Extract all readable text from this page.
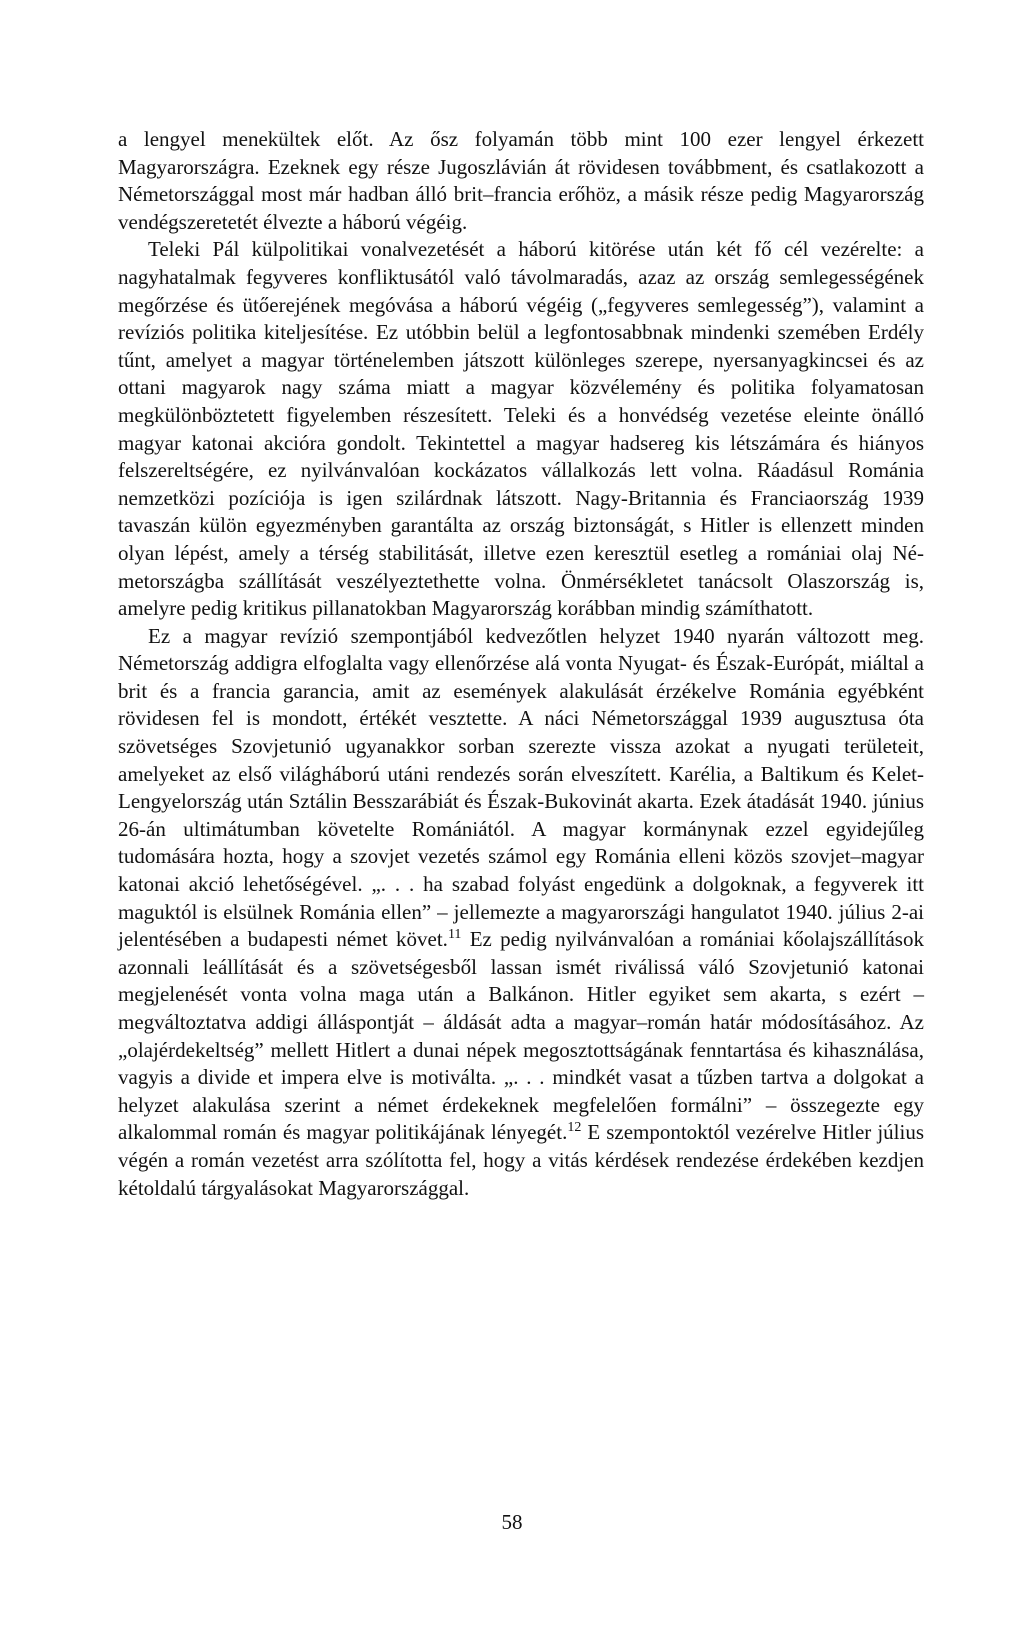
a lengyel menekültek előt. Az ősz folyamán több mint 100 ezer lengyel érkezett Magyarországra. Ezeknek egy része Jugoszlávián át rövidesen továbbment, és csatlakozott a Németországgal most már hadban álló brit–francia erőhöz, a másik része pedig Magyarország vendégszeretetét élvezte a háború végéig.

Teleki Pál külpolitikai vonalvezetését a háború kitörése után két fő cél vezérelte: a nagyhatalmak fegyveres konfliktusától való távolmaradás, azaz az ország semlegességének megőrzése és ütőerejének megóvása a háború végéig („fegyveres semlegesség”), valamint a revíziós politika kiteljesítése. Ez utóbbin belül a legfontosabbnak mindenki szemében Erdély tűnt, amelyet a magyar történelemben játszott különleges szerepe, nyersanyagkincsei és az ottani magyarok nagy száma miatt a magyar közvélemény és politika folyamatosan megkülönböztetett figyelemben részesített. Teleki és a honvédség vezetése eleinte önálló magyar katonai akcióra gondolt. Tekintettel a magyar hadsereg kis létszámára és hiányos felszereltségére, ez nyilvánvalóan kockázatos vállalkozás lett volna. Ráadásul Románia nemzetközi pozíciója is igen szilárdnak látszott. Nagy-Britannia és Franciaország 1939 tavaszán külön egyezményben garantálta az ország biztonságát, s Hitler is ellenzett minden olyan lépést, amely a térség stabilitását, illetve ezen keresztül esetleg a romániai olaj Németországba szállítását veszélyeztethette volna. Önmérsékletet tanácsolt Olaszország is, amelyre pedig kritikus pillanatokban Magyarország korábban mindig számíthatott.

Ez a magyar revízió szempontjából kedvezőtlen helyzet 1940 nyarán változott meg. Németország addigra elfoglalta vagy ellenőrzése alá vonta Nyugat- és Észak-Európát, miáltal a brit és a francia garancia, amit az események alakulását érzékelve Románia egyébként rövidesen fel is mondott, értékét vesztette. A náci Németországgal 1939 augusztusa óta szövetséges Szovjetunió ugyanakkor sorban szerezte vissza azokat a nyugati területeit, amelyeket az első világháború utáni rendezés során elveszített. Karélia, a Baltikum és Kelet-Lengyelország után Sztálin Besszarábiát és Észak-Bukovinát akarta. Ezek átadását 1940. június 26-án ultimátumban követelte Romániától. A magyar kormánynak ezzel egyidejűleg tudomására hozta, hogy a szovjet vezetés számol egy Románia elleni közös szovjet–magyar katonai akció lehetőségével. „. . . ha szabad folyást engedünk a dolgoknak, a fegyverek itt maguktól is elsülnek Románia ellen” – jellemezte a magyarországi hangulatot 1940. július 2-ai jelentésében a budapesti német követ.$^{11}$ Ez pedig nyilvánvalóan a romániai kőolajszállítások azonnali leállítását és a szövetségesből lassan ismét riválissá váló Szovjetunió katonai megjelenését vonta volna maga után a Balkánon. Hitler egyiket sem akarta, s ezért – megváltoztatva addigi álláspontját – áldását adta a magyar–román határ módosításához. Az „olajérdekeltség” mellett Hitlert a dunai népek megosztottságának fenntartása és kihasználása, vagyis a divide et impera elve is motiválta. „. . . mindkét vasat a tűzben tartva a dolgokat a helyzet alakulása szerint a német érdekeknek megfelelően formálni” – összegezte egy alkalommal román és magyar politikájának lényegét.$^{12}$ E szempontoktól vezérelve Hitler július végén a román vezetést arra szólította fel, hogy a vitás kérdések rendezése érdekében kezdjen kétoldalú tárgyalásokat Magyarországgal.

58
